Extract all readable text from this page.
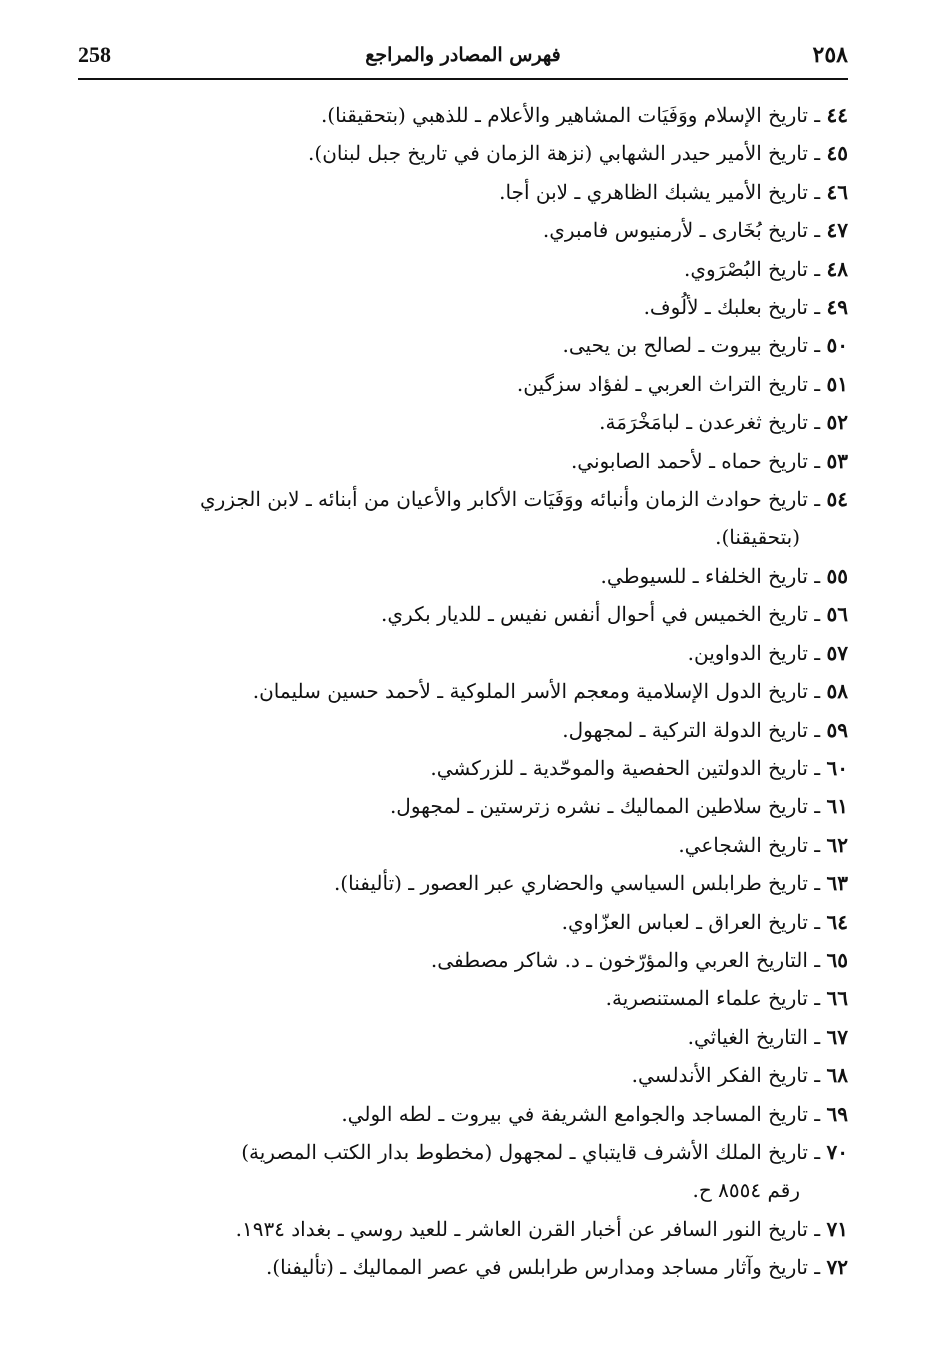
258	فهرس المصادر والمراجع	٢٥٨
٤٤ ـ تاريخ الإسلام ووَفَيَات المشاهير والأعلام ـ للذهبي (بتحقيقنا).
٤٥ ـ تاريخ الأمير حيدر الشهابي (نزهة الزمان في تاريخ جبل لبنان).
٤٦ ـ تاريخ الأمير يشبك الظاهري ـ لابن أجا.
٤٧ ـ تاريخ بُخَارى ـ لأرمنيوس فامبري.
٤٨ ـ تاريخ البُصْرَوي.
٤٩ ـ تاريخ بعلبك ـ لألُوف.
٥٠ ـ تاريخ بيروت ـ لصالح بن يحيى.
٥١ ـ تاريخ التراث العربي ـ لفؤاد سزگين.
٥٢ ـ تاريخ ثغرعدن ـ لبامَخْرَمَة.
٥٣ ـ تاريخ حماه ـ لأحمد الصابوني.
٥٤ ـ تاريخ حوادث الزمان وأنبائه ووَفَيَات الأكابر والأعيان من أبنائه ـ لابن الجزري
(بتحقيقنا).
٥٥ ـ تاريخ الخلفاء ـ للسيوطي.
٥٦ ـ تاريخ الخميس في أحوال أنفس نفيس ـ للديار بكري.
٥٧ ـ تاريخ الدواوين.
٥٨ ـ تاريخ الدول الإسلامية ومعجم الأسر الملوكية ـ لأحمد حسين سليمان.
٥٩ ـ تاريخ الدولة التركية ـ لمجهول.
٦٠ ـ تاريخ الدولتين الحفصية والموحّدية ـ للزركشي.
٦١ ـ تاريخ سلاطين المماليك ـ نشره زترستين ـ لمجهول.
٦٢ ـ تاريخ الشجاعي.
٦٣ ـ تاريخ طرابلس السياسي والحضاري عبر العصور ـ (تأليفنا).
٦٤ ـ تاريخ العراق ـ لعباس العزّاوي.
٦٥ ـ التاريخ العربي والمؤرّخون ـ د. شاكر مصطفى.
٦٦ ـ تاريخ علماء المستنصرية.
٦٧ ـ التاريخ الغياثي.
٦٨ ـ تاريخ الفكر الأندلسي.
٦٩ ـ تاريخ المساجد والجوامع الشريفة في بيروت ـ لطه الولي.
٧٠ ـ تاريخ الملك الأشرف قايتباي ـ لمجهول (مخطوط بدار الكتب المصرية)
رقم ٨٥٥٤ ح.
٧١ ـ تاريخ النور السافر عن أخبار القرن العاشر ـ للعيد روسي ـ بغداد ١٩٣٤.
٧٢ ـ تاريخ وآثار مساجد ومدارس طرابلس في عصر المماليك ـ (تأليفنا).
